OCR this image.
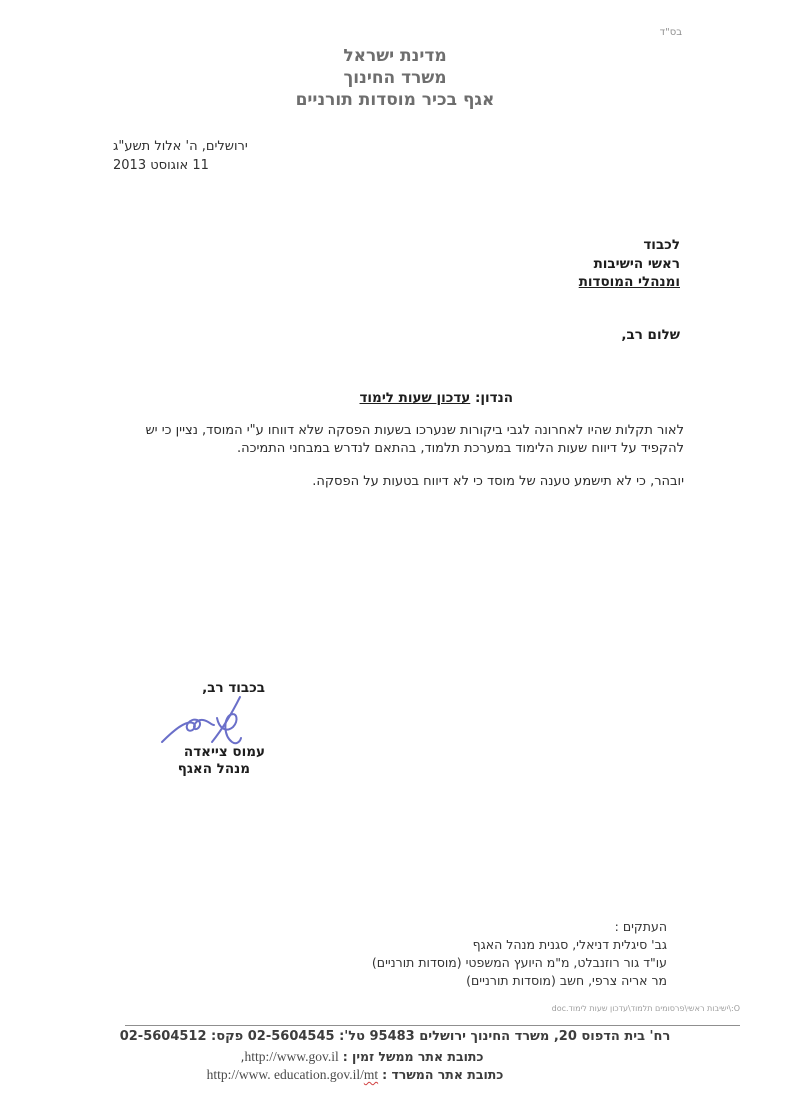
בס"ד
מדינת ישראל
משרד החינוך
אגף בכיר מוסדות תורניים
ירושלים, ה' אלול תשע"ג
11 אוגוסט 2013
לכבוד
ראשי הישיבות
ומנהלי המוסדות
שלום רב,
הנדון: עדכון שעות לימוד

לאור תקלות שהיו לאחרונה לגבי ביקורות שנערכו בשעות הפסקה שלא דווחו ע"י המוסד, נציין כי יש להקפיד על דיווח שעות הלימוד במערכת תלמוד, בהתאם לנדרש במבחני התמיכה.

יובהר, כי לא תישמע טענה של מוסד כי לא דיווח בטעות על הפסקה.

בכבוד רב,
עמוס צייאדה
מנהל האגף
העתקים :
גב' סיגלית דניאלי, סגנית מנהל האגף
עו"ד גור רוזנבלט, מ"מ היועץ המשפטי (מוסדות תורניים)
מר אריה צרפי, חשב (מוסדות תורניים)
O:\ישיבות ראשי\פרסומים תלמוד\עדכון שעות לימוד.doc
רח' בית הדפוס 20, משרד החינוך ירושלים 95483 טל': 02-5604545 פקס: 02-5604512
כתובת אתר ממשל זמין : http://www.gov.il,
כתובת אתר המשרד : http://www. education.gov.il/mt
